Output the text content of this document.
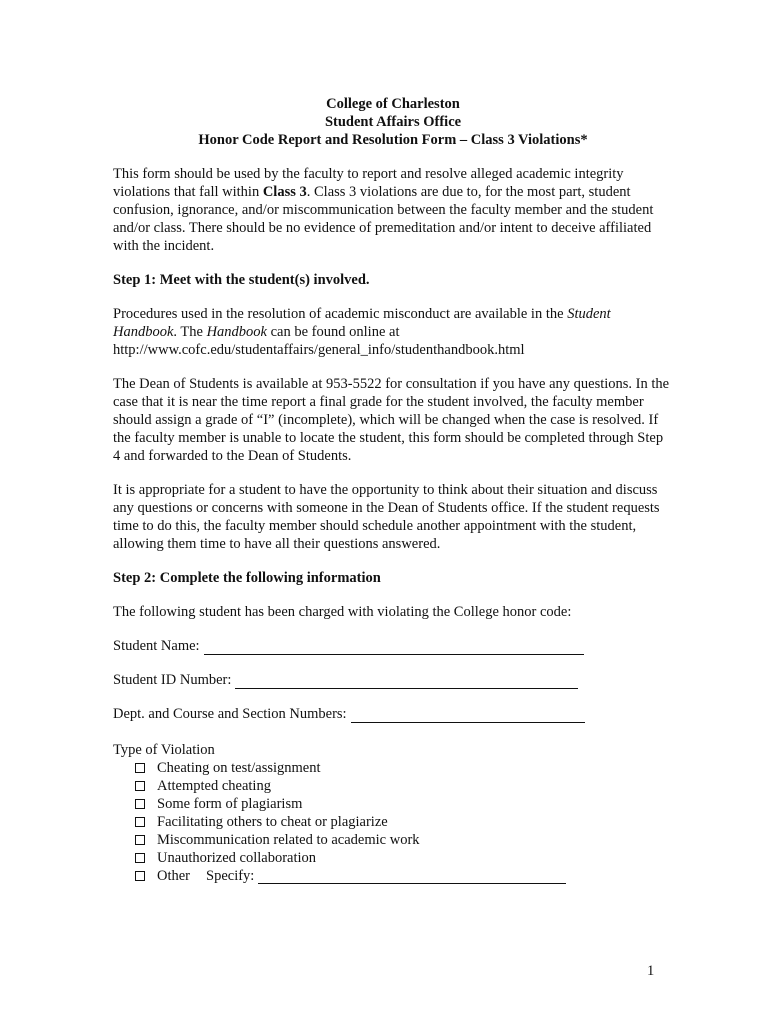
College of Charleston
Student Affairs Office
Honor Code Report and Resolution Form – Class 3 Violations*

This form should be used by the faculty to report and resolve alleged academic integrity violations that fall within Class 3. Class 3 violations are due to, for the most part, student confusion, ignorance, and/or miscommunication between the faculty member and the student and/or class. There should be no evidence of premeditation and/or intent to deceive affiliated with the incident.

Step 1: Meet with the student(s) involved.

Procedures used in the resolution of academic misconduct are available in the Student Handbook. The Handbook can be found online at
http://www.cofc.edu/studentaffairs/general_info/studenthandbook.html

The Dean of Students is available at 953-5522 for consultation if you have any questions. In the case that it is near the time report a final grade for the student involved, the faculty member should assign a grade of “I” (incomplete), which will be changed when the case is resolved. If the faculty member is unable to locate the student, this form should be completed through Step 4 and forwarded to the Dean of Students.

It is appropriate for a student to have the opportunity to think about their situation and discuss any questions or concerns with someone in the Dean of Students office. If the student requests time to do this, the faculty member should schedule another appointment with the student, allowing them time to have all their questions answered.

Step 2: Complete the following information

The following student has been charged with violating the College honor code:

Student Name:
Student ID Number:
Dept. and Course and Section Numbers:
Type of Violation
Cheating on test/assignment
Attempted cheating
Some form of plagiarism
Facilitating others to cheat or plagiarize
Miscommunication related to academic work
Unauthorized collaboration
Other Specify:
1
